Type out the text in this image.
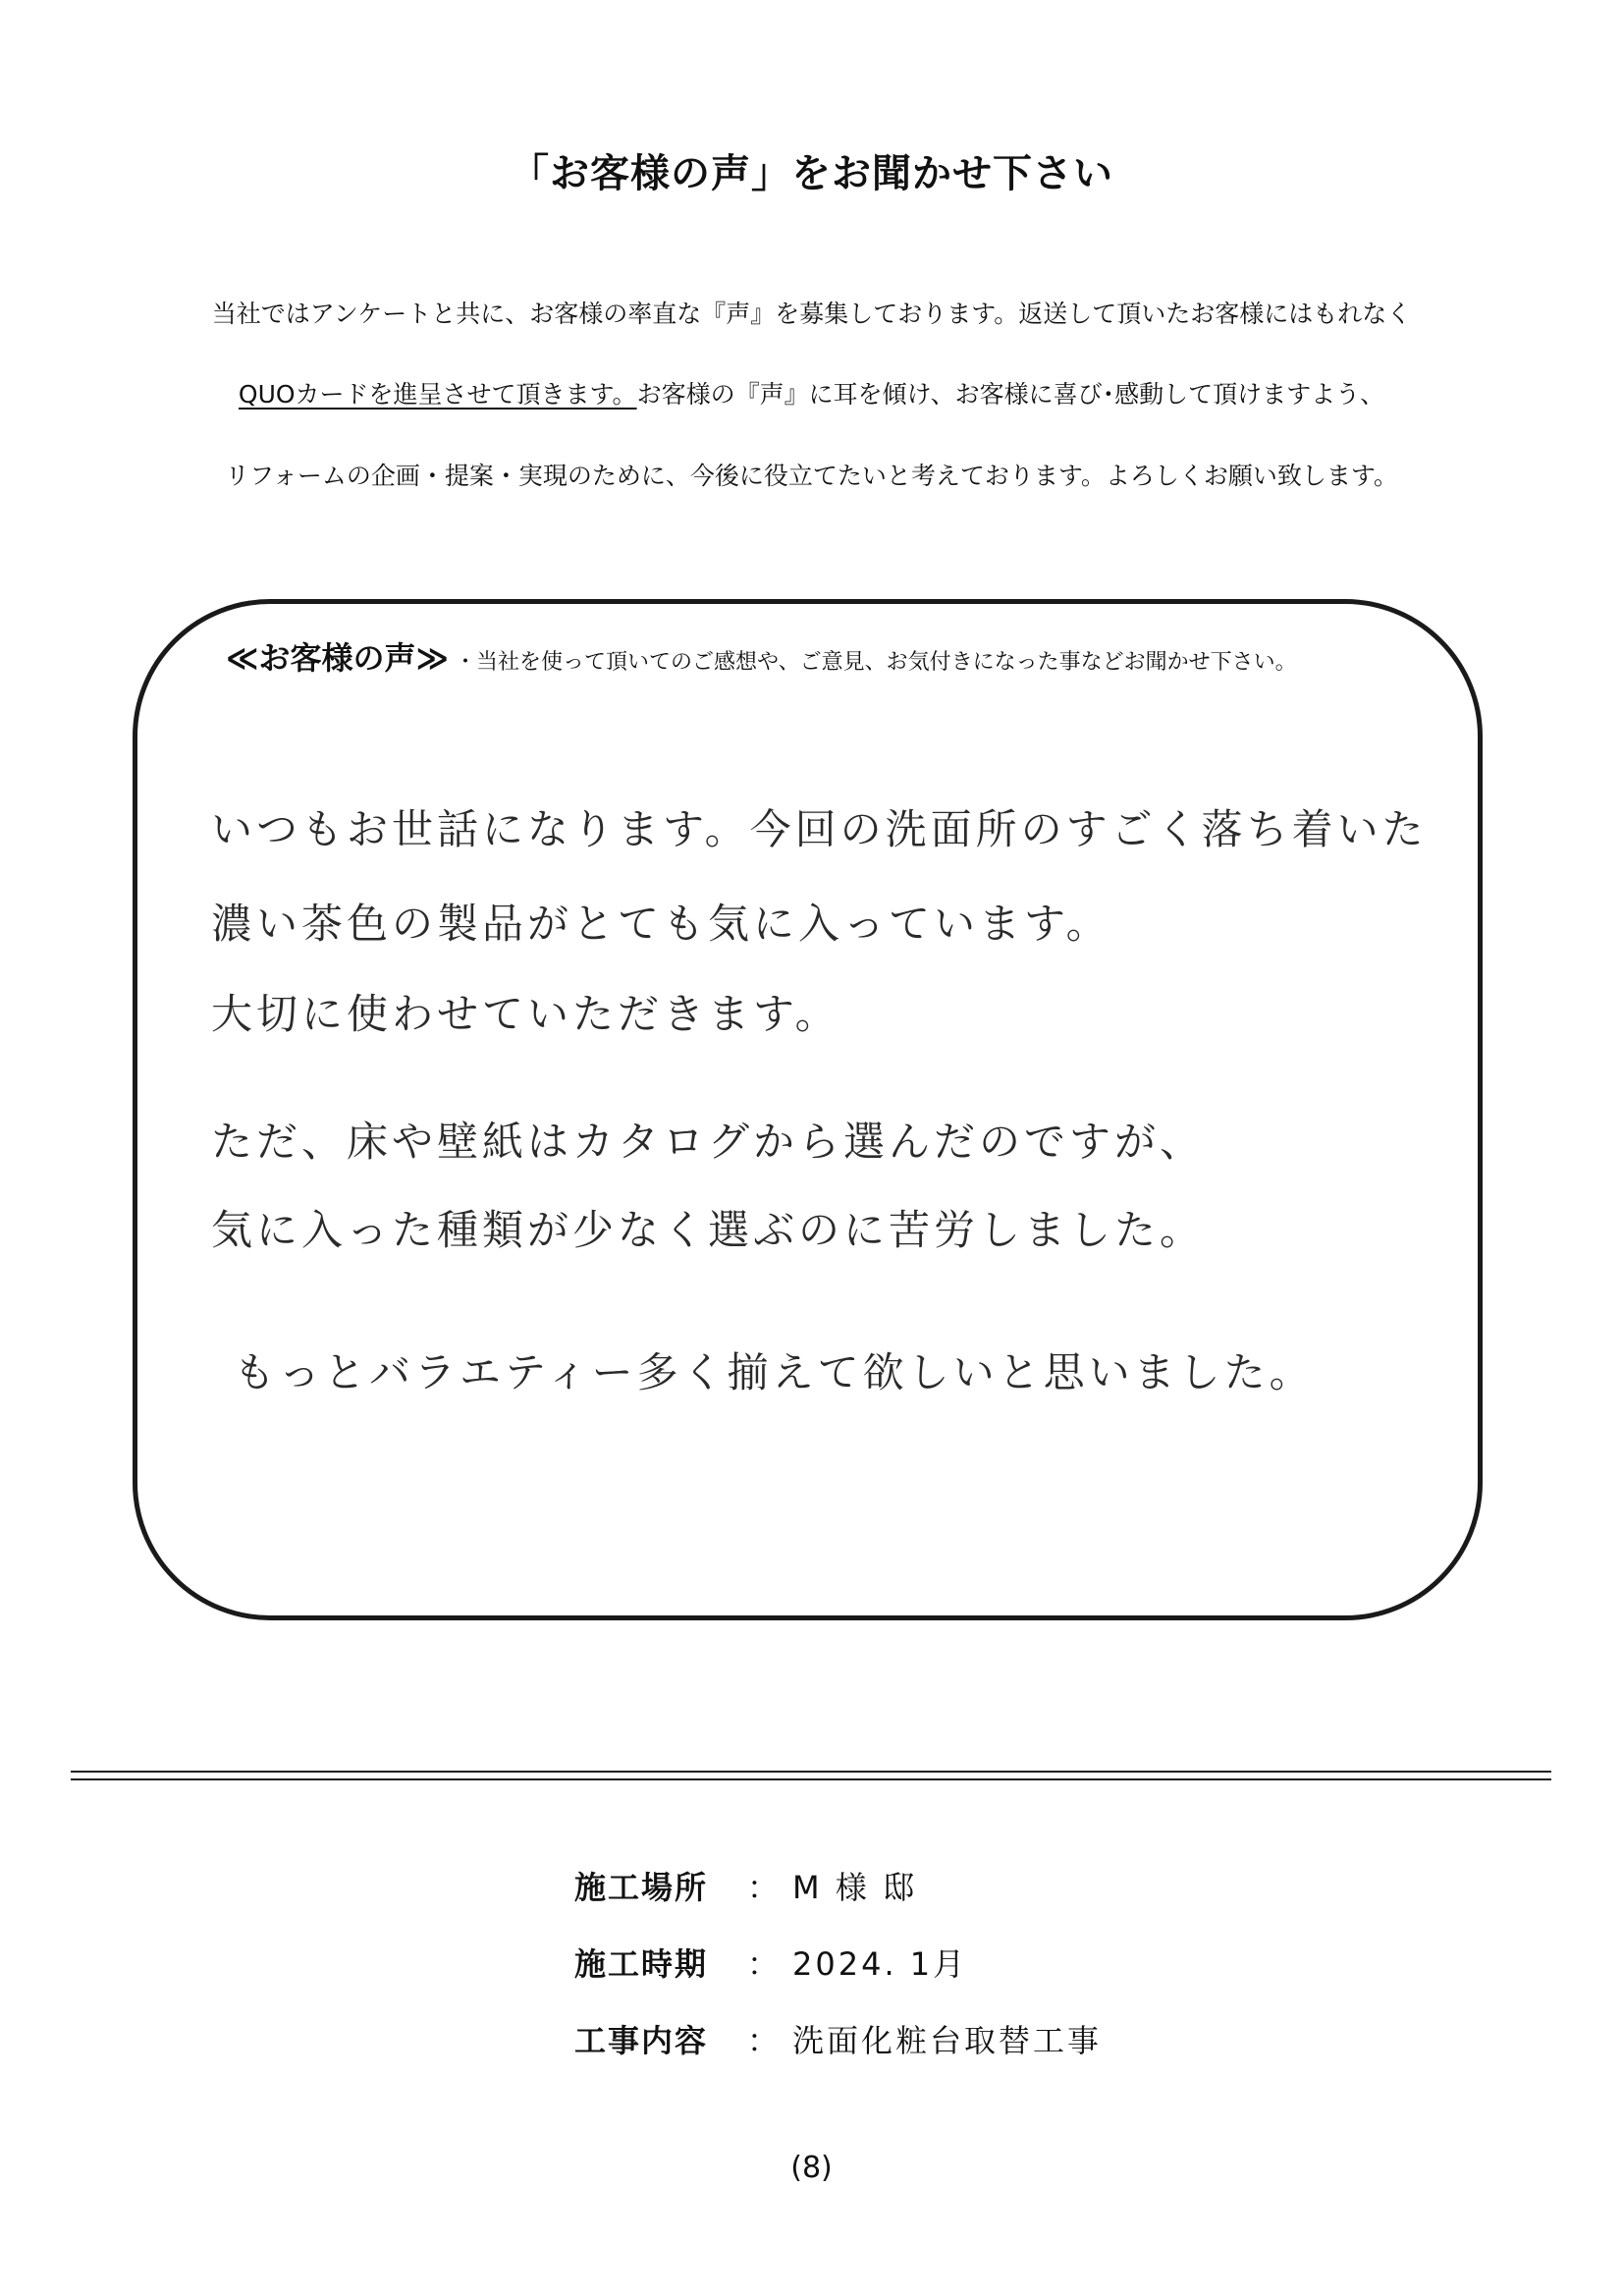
「お客様の声」をお聞かせ下さい
当社ではアンケートと共に、お客様の率直な『声』を募集しております。返送して頂いたお客様にはもれなく
QUOカードを進呈させて頂きます。お客様の『声』に耳を傾け、お客様に喜び･感動して頂けますよう、
リフォームの企画・提案・実現のために、今後に役立てたいと考えております。よろしくお願い致します。
≪お客様の声≫ ・当社を使って頂いてのご感想や、ご意見、お気付きになった事などお聞かせ下さい。
いつもお世話になります。今回の洗面所のすごく落ち着いた
濃い茶色の製品がとても気に入っています。
大切に使わせていただきます。
ただ、床や壁紙はカタログから選んだのですが、
気に入った種類が少なく選ぶのに苦労しました。
もっとバラエティー多く揃えて欲しいと思いました。
施工場所	： M 様 邸
施工時期	： 2024. 1月
工事内容	： 洗面化粧台取替工事
(8)
